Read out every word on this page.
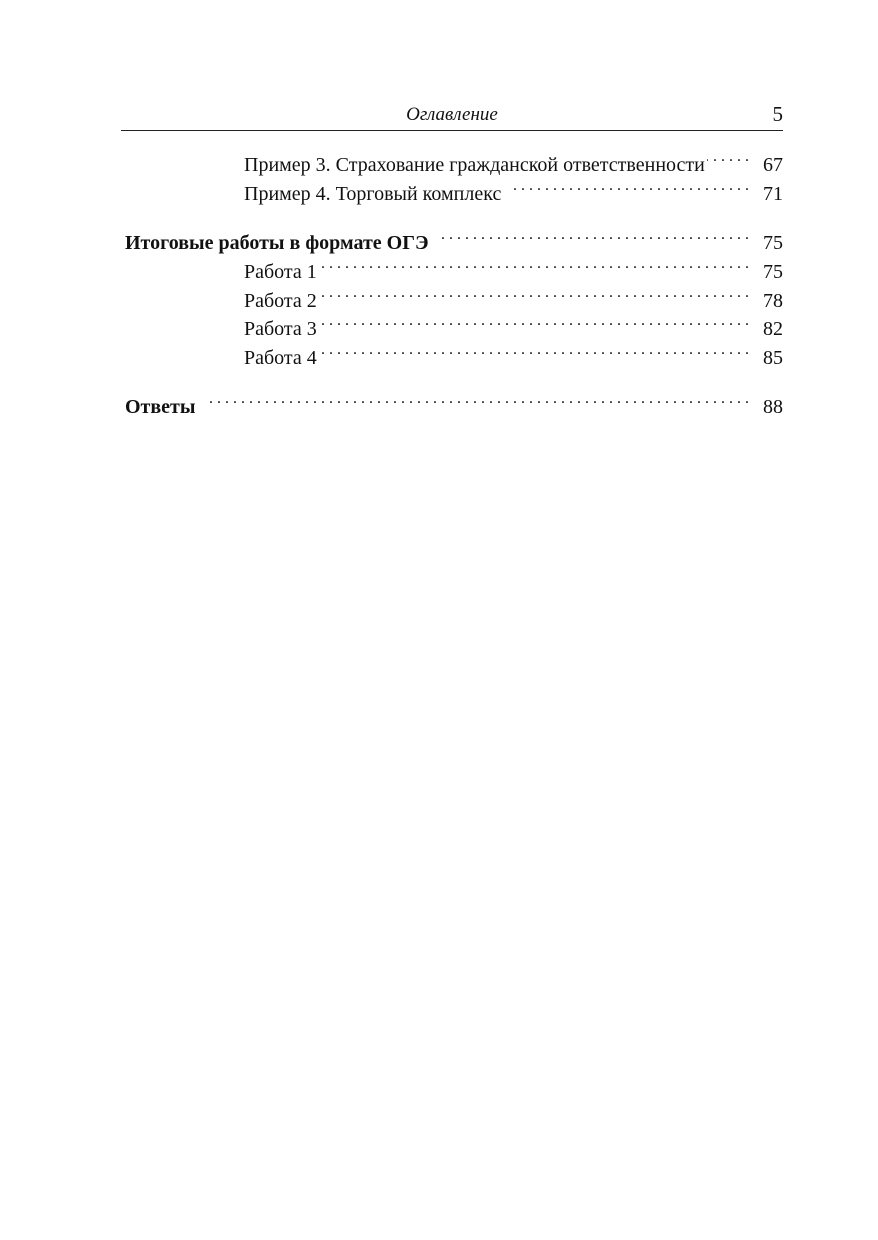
Оглавление	5
Пример 3. Страхование гражданской ответственности . . .	67
Пример 4. Торговый комплекс . . .	71
Итоговые работы в формате ОГЭ . . .	75
Работа 1 . . .	75
Работа 2 . . .	78
Работа 3 . . .	82
Работа 4 . . .	85
Ответы . . .	88
